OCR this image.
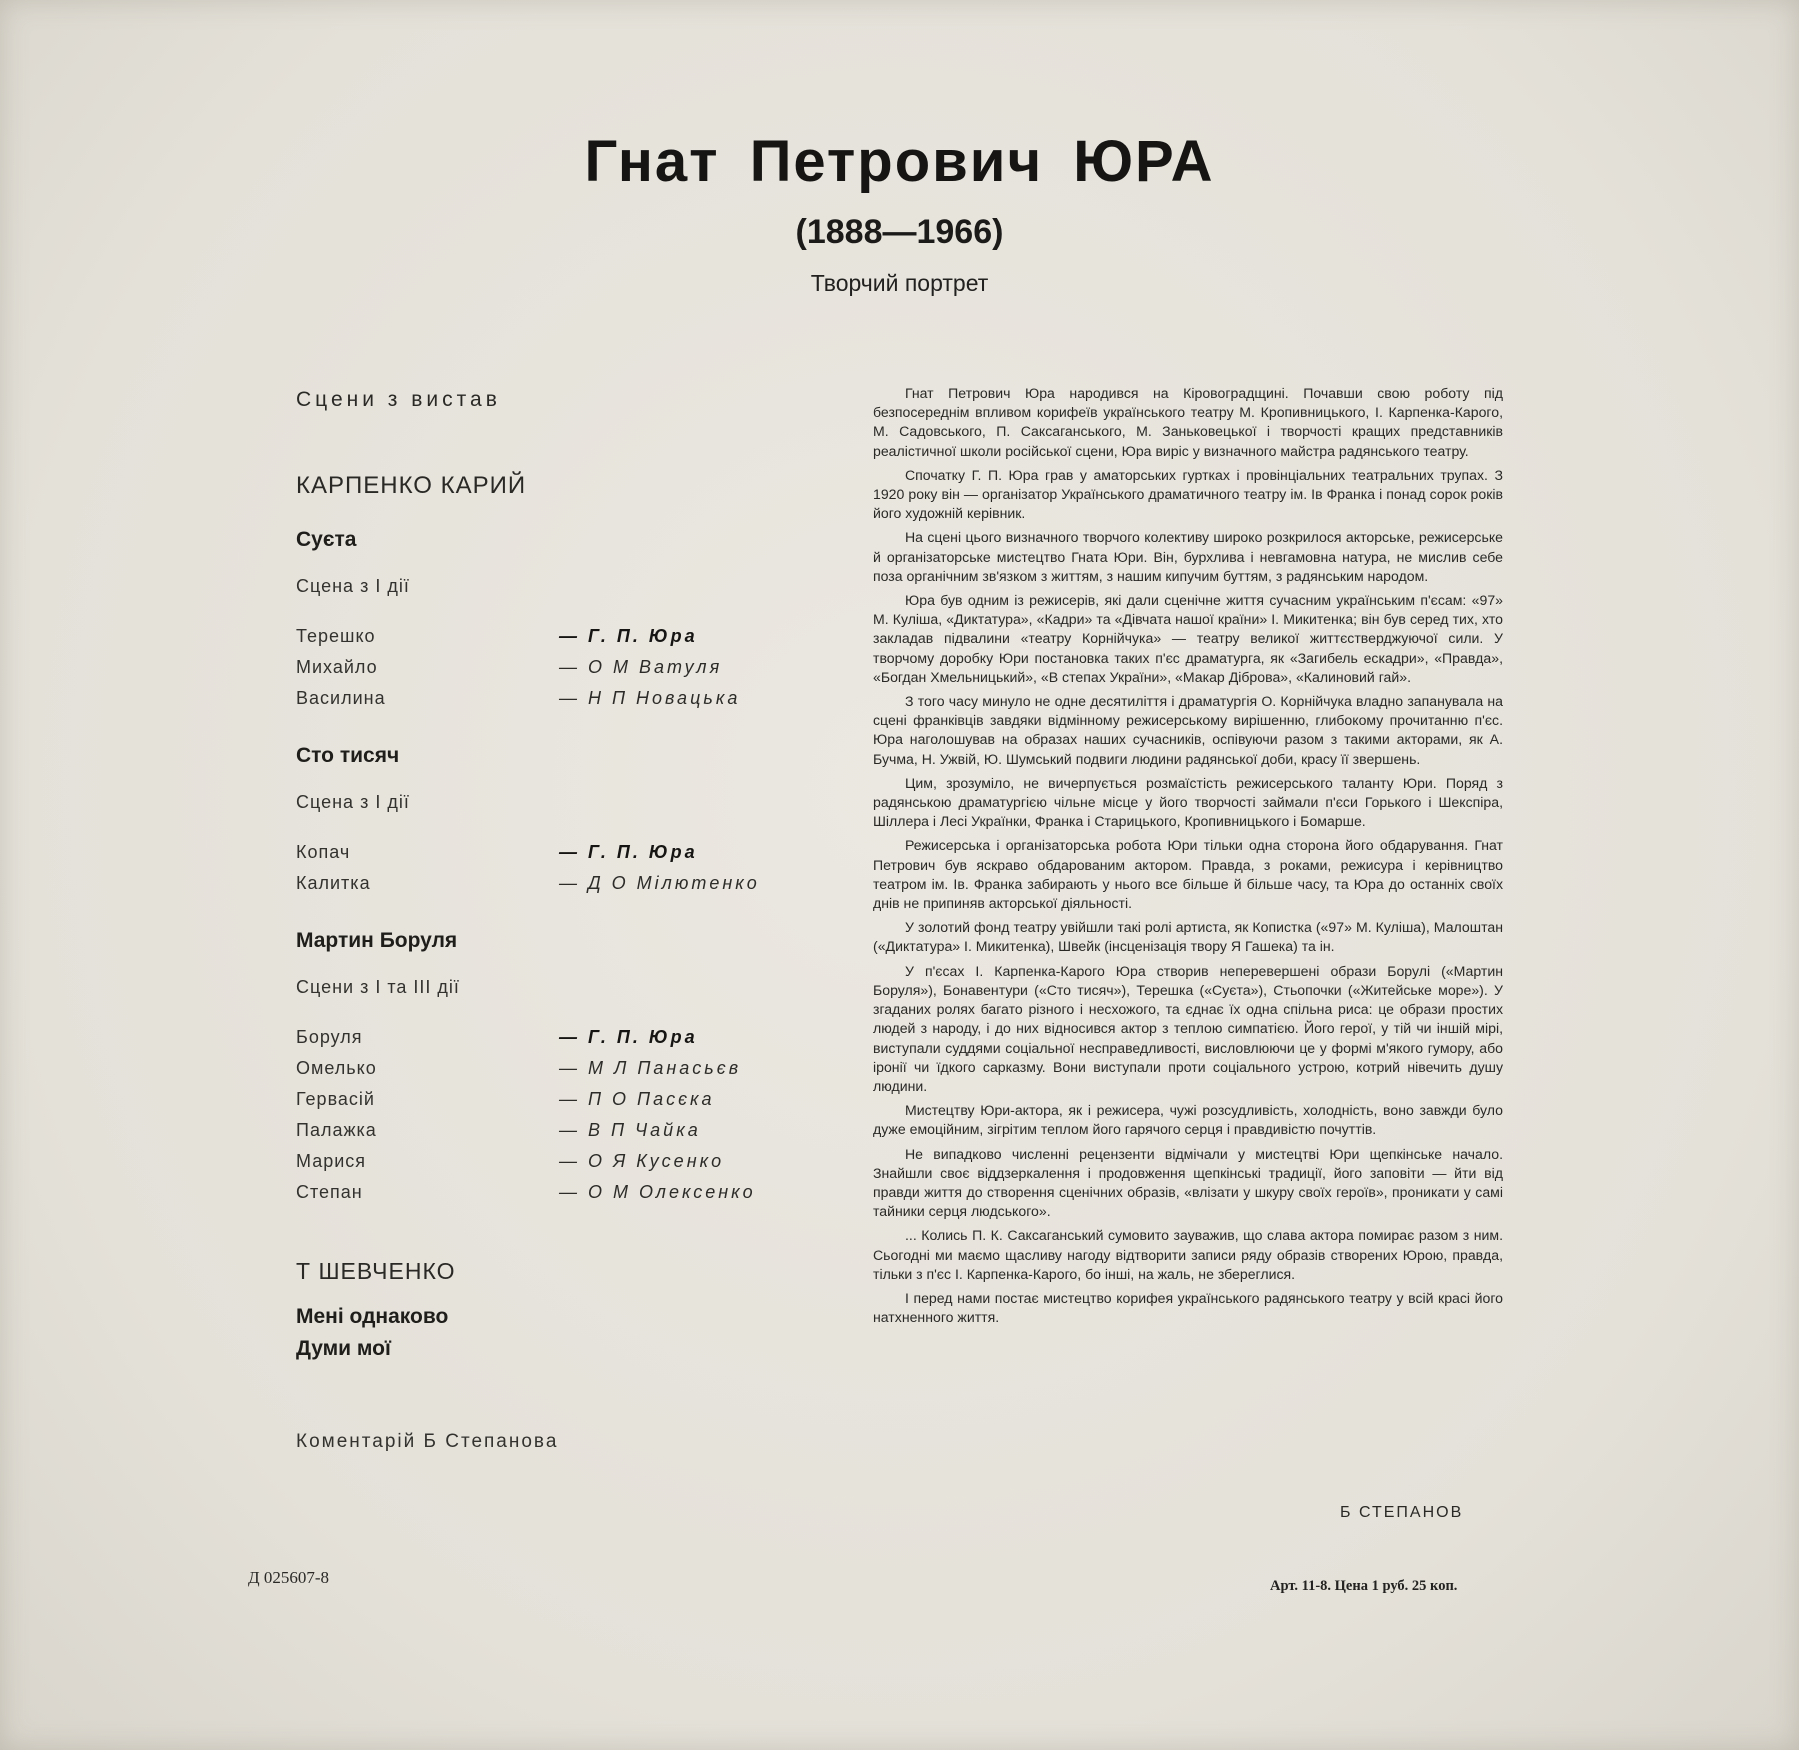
Гнат Петрович ЮРА
(1888—1966)
Творчий портрет
Сцени з вистав
КАРПЕНКО КАРИЙ
Суєта
Сцена з І дії
Терешко	— Г. П. Юра
Михайло	— О М Ватуля
Василина	— Н П Новацька
Сто тисяч
Сцена з І дії
Копач	— Г. П. Юра
Калитка	— Д О Мілютенко
Мартин Боруля
Сцени з І та ІІІ дії
Боруля	— Г. П. Юра
Омелько	— М Л Панасьєв
Гервасій	— П О Пасєка
Палажка	— В П Чайка
Марися	— О Я Кусенко
Степан	— О М Олексенко
Т ШЕВЧЕНКО
Мені однаково
Думи мої
Коментарій Б Степанова
Д 025607-8

Гнат Петрович Юра народився на Кіровоградщині. Почавши свою роботу під безпосереднім впливом корифеїв українського театру М. Кропивницького, І. Карпенка-Карого, М. Садовського, П. Саксаганського, М. Заньковецької і творчості кращих представників реалістичної школи російської сцени, Юра виріс у визначного майстра радянського театру.

Спочатку Г. П. Юра грав у аматорських гуртках і провінціальних театральних трупах. З 1920 року він — організатор Українського драматичного театру ім. Ів Франка і понад сорок років його художній керівник.

На сцені цього визначного творчого колективу широко розкрилося акторське, режисерське й організаторське мистецтво Гната Юри. Він, бурхлива і невгамовна натура, не мислив себе поза органічним зв'язком з життям, з нашим кипучим буттям, з радянським народом.

Юра був одним із режисерів, які дали сценічне життя сучасним українським п'єсам: «97» М. Куліша, «Диктатура», «Кадри» та «Дівчата нашої країни» І. Микитенка; він був серед тих, хто закладав підвалини «театру Корнійчука» — театру великої життєстверджуючої сили. У творчому доробку Юри постановка таких п'єс драматурга, як «Загибель ескадри», «Правда», «Богдан Хмельницький», «В степах України», «Макар Діброва», «Калиновий гай».

З того часу минуло не одне десятиліття і драматургія О. Корнійчука владно запанувала на сцені франківців завдяки відмінному режисерському вирішенню, глибокому прочитанню п'єс. Юра наголошував на образах наших сучасників, оспівуючи разом з такими акторами, як А. Бучма, Н. Ужвій, Ю. Шумський подвиги людини радянської доби, красу її звершень.

Цим, зрозуміло, не вичерпується розмаїстість режисерського таланту Юри. Поряд з радянською драматургією чільне місце у його творчості займали п'єси Горького і Шекспіра, Шіллера і Лесі Українки, Франка і Старицького, Кропивницького і Бомарше.

Режисерська і організаторська робота Юри тільки одна сторона його обдарування. Гнат Петрович був яскраво обдарованим актором. Правда, з роками, режисура і керівництво театром ім. Ів. Франка забирають у нього все більше й більше часу, та Юра до останніх своїх днів не припиняв акторської діяльності.

У золотий фонд театру увійшли такі ролі артиста, як Копистка («97» М. Куліша), Малоштан («Диктатура» І. Микитенка), Швейк (інсценізація твору Я Гашека) та ін.

У п'єсах І. Карпенка-Карого Юра створив неперевершені образи Борулі («Мартин Боруля»), Бонавентури («Сто тисяч»), Терешка («Суєта»), Стьопочки («Житейське море»). У згаданих ролях багато різного і несхожого, та єднає їх одна спільна риса: це образи простих людей з народу, і до них відносився актор з теплою симпатією. Його герої, у тій чи іншій мірі, виступали суддями соціальної несправедливості, висловлюючи це у формі м'якого гумору, або іронії чи їдкого сарказму. Вони виступали проти соціального устрою, котрий нівечить душу людини.

Мистецтву Юри-актора, як і режисера, чужі розсудливість, холодність, воно завжди було дуже емоційним, зігрітим теплом його гарячого серця і правдивістю почуттів.

Не випадково численні рецензенти відмічали у мистецтві Юри щепкінське начало. Знайшли своє віддзеркалення і продовження щепкінські традиції, його заповіти — йти від правди життя до створення сценічних образів, «влізати у шкуру своїх героїв», проникати у самі тайники серця людського».

... Колись П. К. Саксаганський сумовито зауважив, що слава актора помирає разом з ним. Сьогодні ми маємо щасливу нагоду відтворити записи ряду образів створених Юрою, правда, тільки з п'єс І. Карпенка-Карого, бо інші, на жаль, не збереглися.

І перед нами постає мистецтво корифея українського радянського театру у всій красі його натхненного життя.

Б СТЕПАНОВ
Арт. 11-8. Цена 1 руб. 25 коп.
